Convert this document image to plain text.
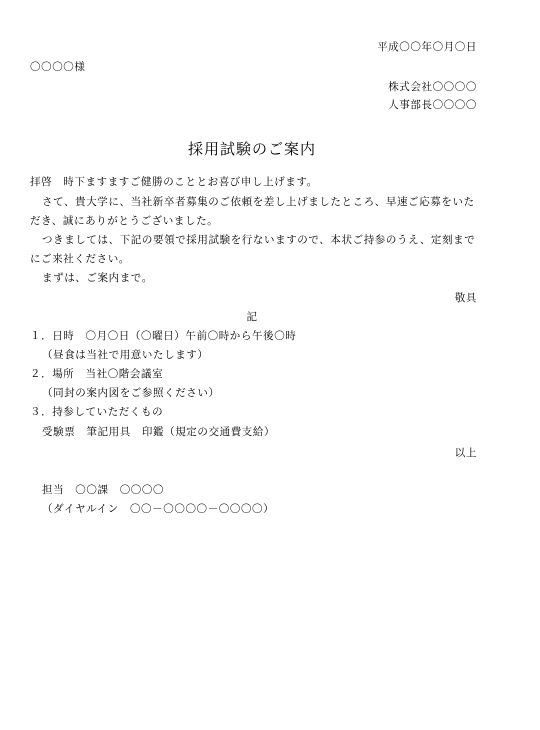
平成〇〇年〇月〇日
〇〇〇〇様
株式会社〇〇〇〇
人事部長〇〇〇〇
採用試験のご案内
拝啓　時下ますますご健勝のこととお喜び申し上げます。
さて、貴大学に、当社新卒者募集のご依頼を差し上げましたところ、早速ご応募をいた
だき、誠にありがとうございました。
つきましては、下記の要領で採用試験を行ないますので、本状ご持参のうえ、定刻まで
にご来社ください。
まずは、ご案内まで。
敬具
記
１．日時　〇月〇日（〇曜日）午前〇時から午後〇時
（昼食は当社で用意いたします）
２．場所　当社〇階会議室
（同封の案内図をご参照ください）
３．持参していただくもの
受験票　筆記用具　印鑑（規定の交通費支給）
以上
担当　〇〇課　〇〇〇〇
（ダイヤルイン　〇〇－〇〇〇〇－〇〇〇〇）
